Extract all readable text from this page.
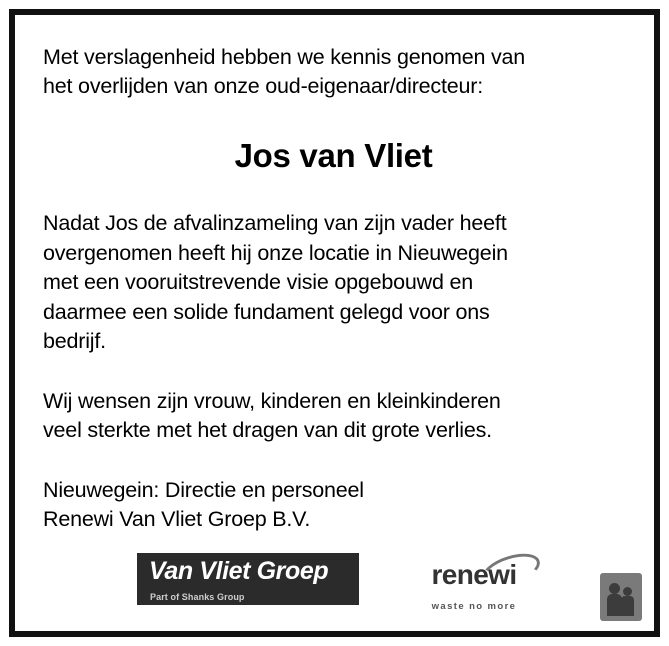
Met verslagenheid hebben we kennis genomen van
het overlijden van onze oud-eigenaar/directeur:
Jos van Vliet
Nadat Jos de afvalinzameling van zijn vader heeft
overgenomen heeft hij onze locatie in Nieuwegein
met een vooruitstrevende visie opgebouwd en
daarmee een solide fundament gelegd voor ons
bedrijf.
Wij wensen zijn vrouw, kinderen en kleinkinderen
veel sterkte met het dragen van dit grote verlies.
Nieuwegein: Directie en personeel
Renewi Van Vliet Groep B.V.
Van Vliet Groep
Part of Shanks Group
renewi
waste no more
